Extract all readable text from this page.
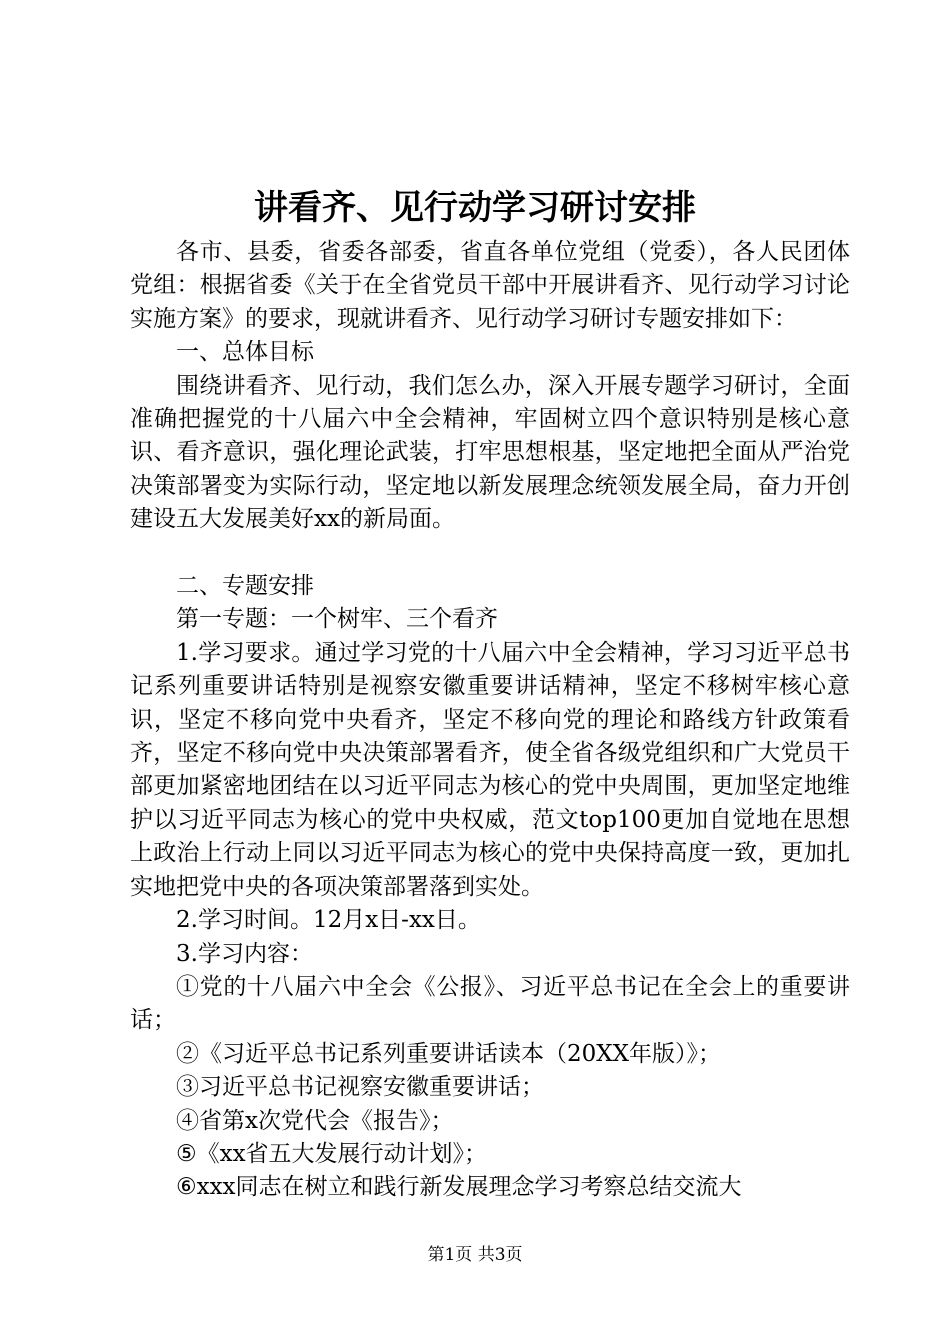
讲看齐、见行动学习研讨安排

各市、县委，省委各部委，省直各单位党组（党委），各人民团体党组：根据省委《关于在全省党员干部中开展讲看齐、见行动学习讨论实施方案》的要求，现就讲看齐、见行动学习研讨专题安排如下：

一、总体目标

围绕讲看齐、见行动，我们怎么办，深入开展专题学习研讨，全面准确把握党的十八届六中全会精神，牢固树立四个意识特别是核心意识、看齐意识，强化理论武装，打牢思想根基，坚定地把全面从严治党决策部署变为实际行动，坚定地以新发展理念统领发展全局，奋力开创建设五大发展美好xx的新局面。

二、专题安排

第一专题：一个树牢、三个看齐

1.学习要求。通过学习党的十八届六中全会精神，学习习近平总书记系列重要讲话特别是视察安徽重要讲话精神，坚定不移树牢核心意识，坚定不移向党中央看齐，坚定不移向党的理论和路线方针政策看齐，坚定不移向党中央决策部署看齐，使全省各级党组织和广大党员干部更加紧密地团结在以习近平同志为核心的党中央周围，更加坚定地维护以习近平同志为核心的党中央权威，范文top100更加自觉地在思想上政治上行动上同以习近平同志为核心的党中央保持高度一致，更加扎实地把党中央的各项决策部署落到实处。

2.学习时间。12月x日-xx日。

3.学习内容：

①党的十八届六中全会《公报》、习近平总书记在全会上的重要讲话；

②《习近平总书记系列重要讲话读本（20XX年版）》；

③习近平总书记视察安徽重要讲话；

④省第x次党代会《报告》；

⑤《xx省五大发展行动计划》；

⑥xxx同志在树立和践行新发展理念学习考察总结交流大

第1页 共3页
